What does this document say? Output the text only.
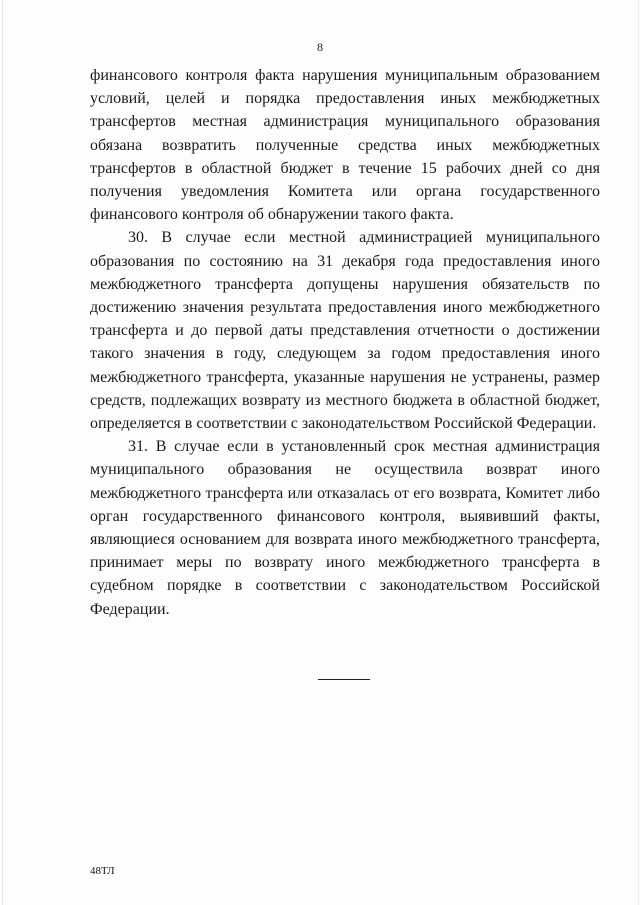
8

финансового контроля факта нарушения муниципальным образованием условий, целей и порядка предоставления иных межбюджетных трансфертов местная администрация муниципального образования обязана возвратить полученные средства иных межбюджетных трансфертов в областной бюджет в течение 15 рабочих дней со дня получения уведомления Комитета или органа государственного финансового контроля об обнаружении такого факта.

30. В случае если местной администрацией муниципального образования по состоянию на 31 декабря года предоставления иного межбюджетного трансферта допущены нарушения обязательств по достижению значения результата предоставления иного межбюджетного трансферта и до первой даты представления отчетности о достижении такого значения в году, следующем за годом предоставления иного межбюджетного трансферта, указанные нарушения не устранены, размер средств, подлежащих возврату из местного бюджета в областной бюджет, определяется в соответствии с законодательством Российской Федерации.

31. В случае если в установленный срок местная администрация муниципального образования не осуществила возврат иного межбюджетного трансферта или отказалась от его возврата, Комитет либо орган государственного финансового контроля, выявивший факты, являющиеся основанием для возврата иного межбюджетного трансферта, принимает меры по возврату иного межбюджетного трансферта в судебном порядке в соответствии с законодательством Российской Федерации.

48ТЛ
